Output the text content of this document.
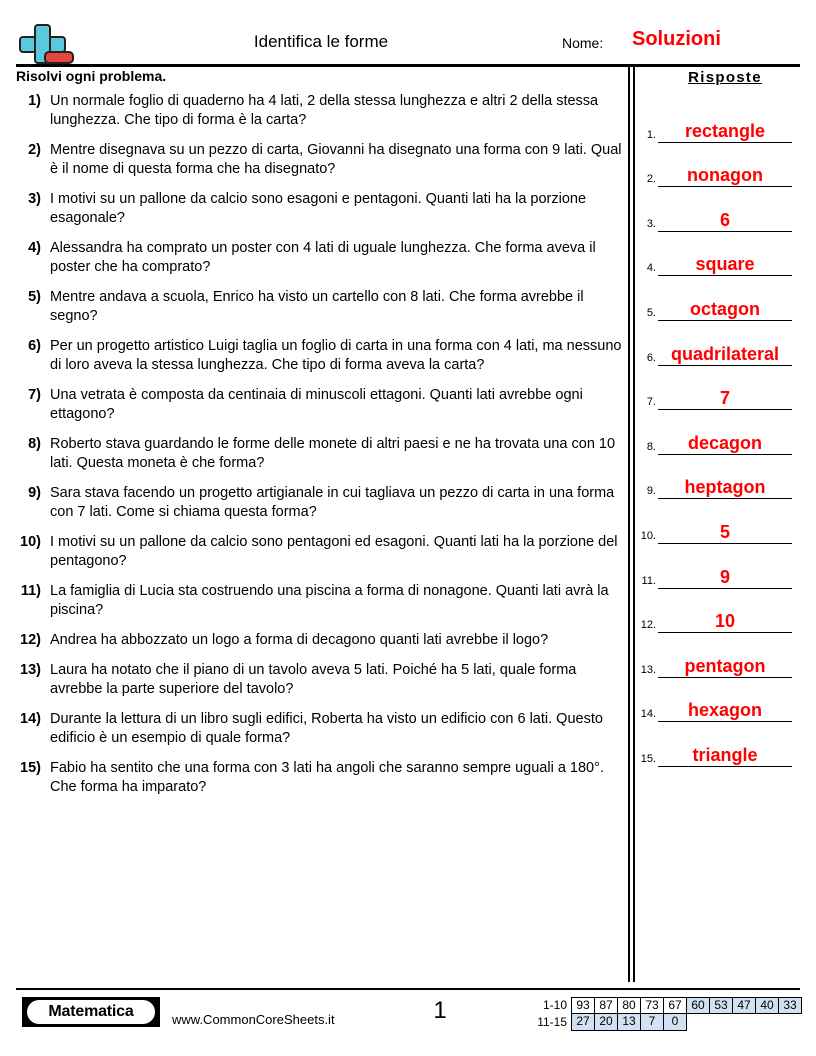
Identifica le forme	Nome: Soluzioni
Risolvi ogni problema.	Risposte
1) Un normale foglio di quaderno ha 4 lati, 2 della stessa lunghezza e altri 2 della stessa lunghezza. Che tipo di forma è la carta?
2) Mentre disegnava su un pezzo di carta, Giovanni ha disegnato una forma con 9 lati. Qual è il nome di questa forma che ha disegnato?
3) I motivi su un pallone da calcio sono esagoni e pentagoni. Quanti lati ha la porzione esagonale?
4) Alessandra ha comprato un poster con 4 lati di uguale lunghezza. Che forma aveva il poster che ha comprato?
5) Mentre andava a scuola, Enrico ha visto un cartello con 8 lati. Che forma avrebbe il segno?
6) Per un progetto artistico Luigi taglia un foglio di carta in una forma con 4 lati, ma nessuno di loro aveva la stessa lunghezza. Che tipo di forma aveva la carta?
7) Una vetrata è composta da centinaia di minuscoli ettagoni. Quanti lati avrebbe ogni ettagono?
8) Roberto stava guardando le forme delle monete di altri paesi e ne ha trovata una con 10 lati. Questa moneta è che forma?
9) Sara stava facendo un progetto artigianale in cui tagliava un pezzo di carta in una forma con 7 lati. Come si chiama questa forma?
10) I motivi su un pallone da calcio sono pentagoni ed esagoni. Quanti lati ha la porzione del pentagono?
11) La famiglia di Lucia sta costruendo una piscina a forma di nonagone. Quanti lati avrà la piscina?
12) Andrea ha abbozzato un logo a forma di decagono quanti lati avrebbe il logo?
13) Laura ha notato che il piano di un tavolo aveva 5 lati. Poiché ha 5 lati, quale forma avrebbe la parte superiore del tavolo?
14) Durante la lettura di un libro sugli edifici, Roberta ha visto un edificio con 6 lati. Questo edificio è un esempio di quale forma?
15) Fabio ha sentito che una forma con 3 lati ha angoli che saranno sempre uguali a 180°. Che forma ha imparato?
1.	rectangle
2.	nonagon
3.	6
4.	square
5.	octagon
6. quadrilateral
7.	7
8.	decagon
9.	heptagon
10.	5
11.	9
12.	10
13.	pentagon
14.	hexagon
15.	triangle
Matematica	www.CommonCoreSheets.it	1	1-10 93 87 80 73 67 60 53 47 40 33
11-15 27 20 13	7	0
